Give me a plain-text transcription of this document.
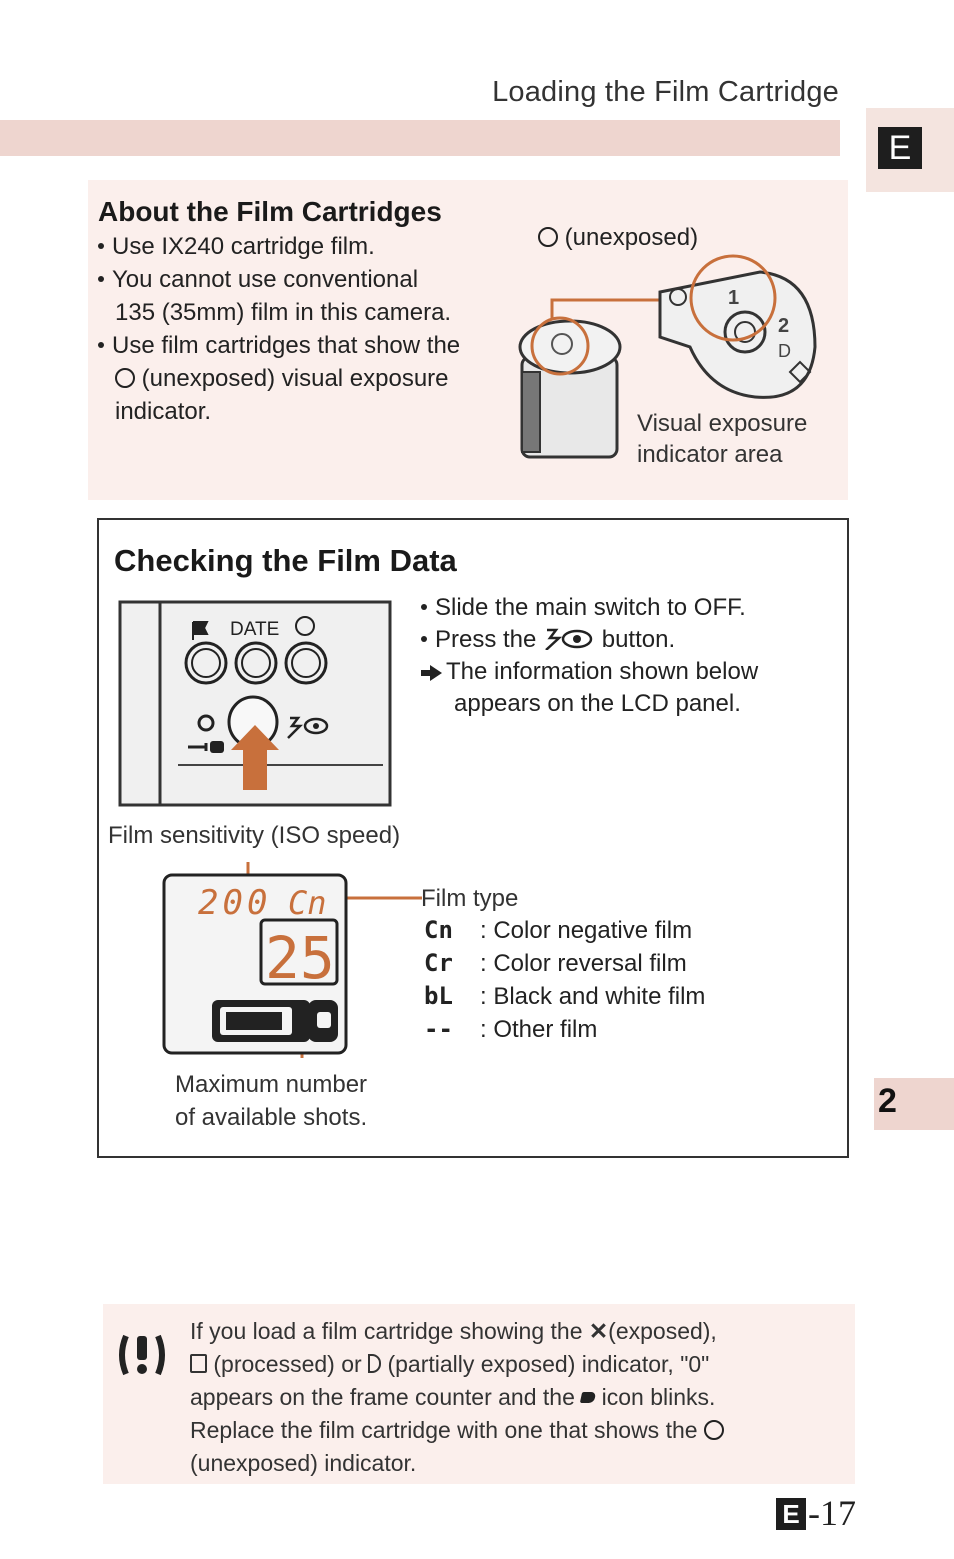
Loading the Film Cartridge
E
About the Film Cartridges
Use IX240 cartridge film.
You cannot use conventional
135 (35mm) film in this camera.
Use film cartridges that show the
(unexposed) visual exposure
indicator.
(unexposed)
1
2
D
Visual exposure
indicator area
Checking the Film Data
DATE
Slide the main switch to OFF.
Press the	button.
The information shown below
appears on the LCD panel.
Film sensitivity (ISO speed)
200 Cn
25
Film type
Cn : Color negative film
Cr : Color reversal film
bL : Black and white film
-- : Other film
Maximum number
of available shots.	2
If you load a film cartridge showing the ✕(exposed),
(processed) or (partially exposed) indicator, "0"
appears on the frame counter and the icon blinks.
Replace the film cartridge with one that shows the
(unexposed) indicator.
E -17
